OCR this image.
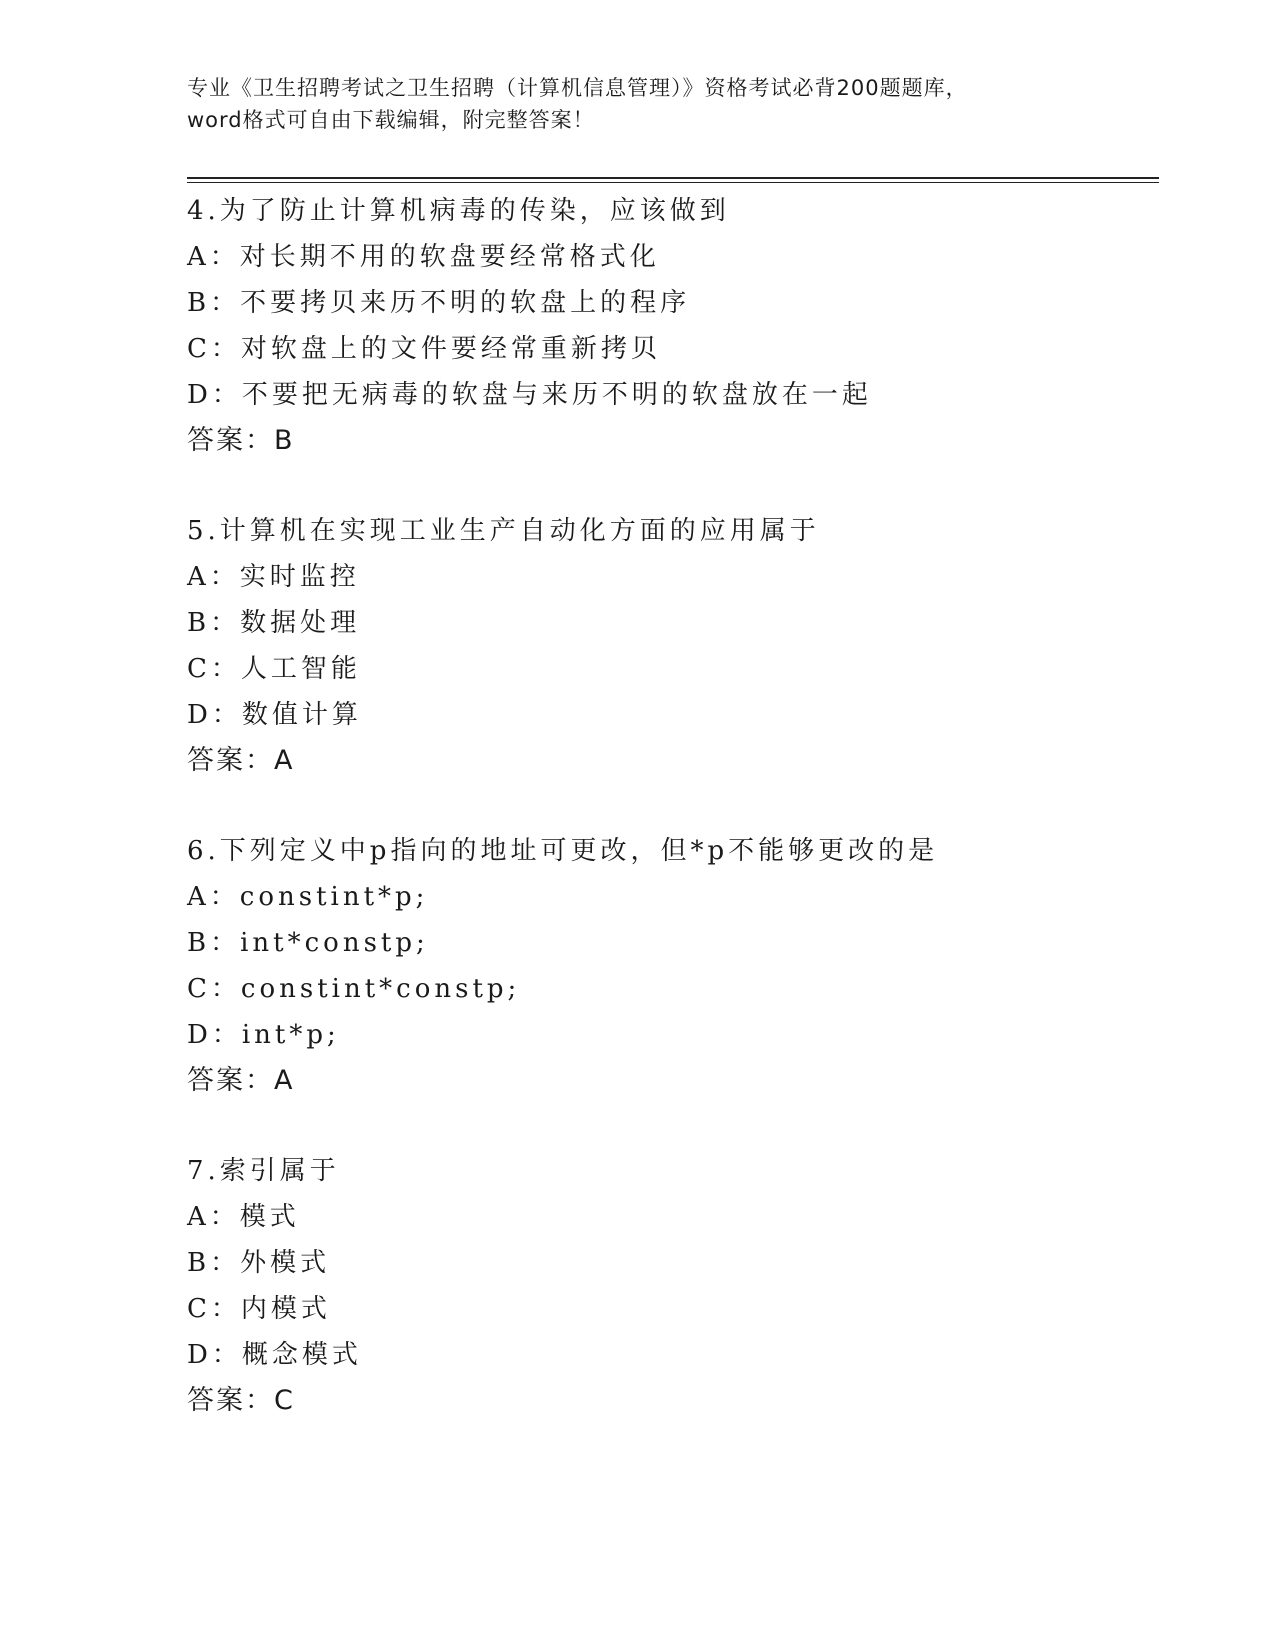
专业《卫生招聘考试之卫生招聘（计算机信息管理）》资格考试必背200题题库，
word格式可自由下载编辑，附完整答案！
4.为了防止计算机病毒的传染，应该做到
A：对长期不用的软盘要经常格式化
B：不要拷贝来历不明的软盘上的程序
C：对软盘上的文件要经常重新拷贝
D：不要把无病毒的软盘与来历不明的软盘放在一起
答案：B
5.计算机在实现工业生产自动化方面的应用属于
A：实时监控
B：数据处理
C：人工智能
D：数值计算
答案：A
6.下列定义中p指向的地址可更改，但*p不能够更改的是
A：constint*p;
B：int*constp;
C：constint*constp;
D：int*p;
答案：A
7.索引属于
A：模式
B：外模式
C：内模式
D：概念模式
答案：C
